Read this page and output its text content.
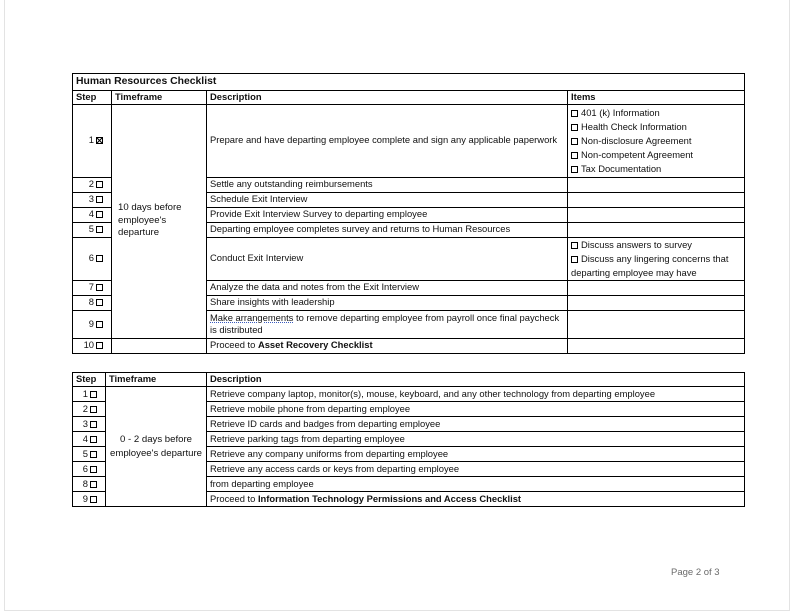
Human Resources Checklist			
Step	Timeframe	Description	Items
1	10 days before employee's departure	Prepare and have departing employee complete and sign any applicable paperwork	401 (k) Information
Health Check Information
Non-disclosure Agreement
Non-competent Agreement
Tax Documentation

2		Settle any outstanding reimbursements	
3		Schedule Exit Interview	
4		Provide Exit Interview Survey to departing employee	
5		Departing employee completes survey and returns to Human Resources	
6		Conduct Exit Interview	Discuss answers to survey
Discuss any lingering concerns that departing employee may have

7		Analyze the data and notes from the Exit Interview	
8		Share insights with leadership	
9		Make arrangements to remove departing employee from payroll once final paycheck is distributed	
10		Proceed to Asset Recovery Checklist	
Step	Timeframe	Description
1	0 - 2 days before employee's departure	Retrieve company laptop, monitor(s), mouse, keyboard, and any other technology from departing employee
2		Retrieve mobile phone from departing employee
3		Retrieve ID cards and badges from departing employee
4		Retrieve parking tags from departing employee
5		Retrieve any company uniforms from departing employee
6		Retrieve any access cards or keys from departing employee
8		from departing employee
9		Proceed to Information Technology Permissions and Access Checklist
Page 2 of 3
